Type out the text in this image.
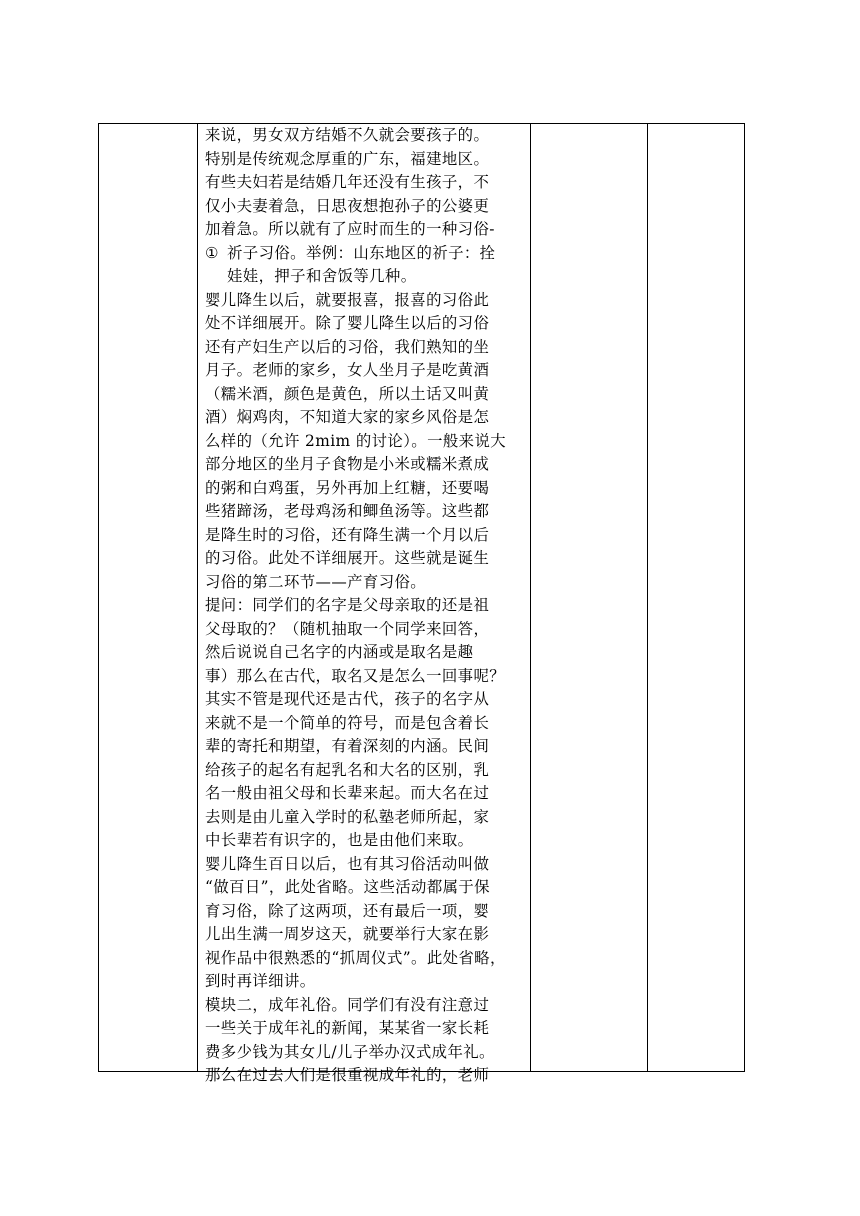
来说，男女双方结婚不久就会要孩子的。
特别是传统观念厚重的广东，福建地区。
有些夫妇若是结婚几年还没有生孩子，不
仅小夫妻着急，日思夜想抱孙子的公婆更
加着急。所以就有了应时而生的一种习俗-

① 祈子习俗。举例：山东地区的祈子：拴
娃娃，押子和舍饭等几种。

婴儿降生以后，就要报喜，报喜的习俗此
处不详细展开。除了婴儿降生以后的习俗
还有产妇生产以后的习俗，我们熟知的坐
月子。老师的家乡，女人坐月子是吃黄酒
（糯米酒，颜色是黄色，所以土话又叫黄
酒）焖鸡肉，不知道大家的家乡风俗是怎
么样的（允许 2mim 的讨论）。一般来说大
部分地区的坐月子食物是小米或糯米煮成
的粥和白鸡蛋，另外再加上红糖，还要喝
些猪蹄汤，老母鸡汤和鲫鱼汤等。这些都
是降生时的习俗，还有降生满一个月以后
的习俗。此处不详细展开。这些就是诞生
习俗的第二环节——产育习俗。

提问：同学们的名字是父母亲取的还是祖
父母取的？（随机抽取一个同学来回答，
然后说说自己名字的内涵或是取名是趣
事）那么在古代，取名又是怎么一回事呢？
其实不管是现代还是古代，孩子的名字从
来就不是一个简单的符号，而是包含着长
辈的寄托和期望，有着深刻的内涵。民间
给孩子的起名有起乳名和大名的区别，乳
名一般由祖父母和长辈来起。而大名在过
去则是由儿童入学时的私塾老师所起，家
中长辈若有识字的，也是由他们来取。

婴儿降生百日以后，也有其习俗活动叫做
“做百日”，此处省略。这些活动都属于保
育习俗，除了这两项，还有最后一项，婴
儿出生满一周岁这天，就要举行大家在影
视作品中很熟悉的“抓周仪式”。此处省略，
到时再详细讲。

模块二，成年礼俗。同学们有没有注意过
一些关于成年礼的新闻，某某省一家长耗
费多少钱为其女儿/儿子举办汉式成年礼。
那么在过去人们是很重视成年礼的，老师
